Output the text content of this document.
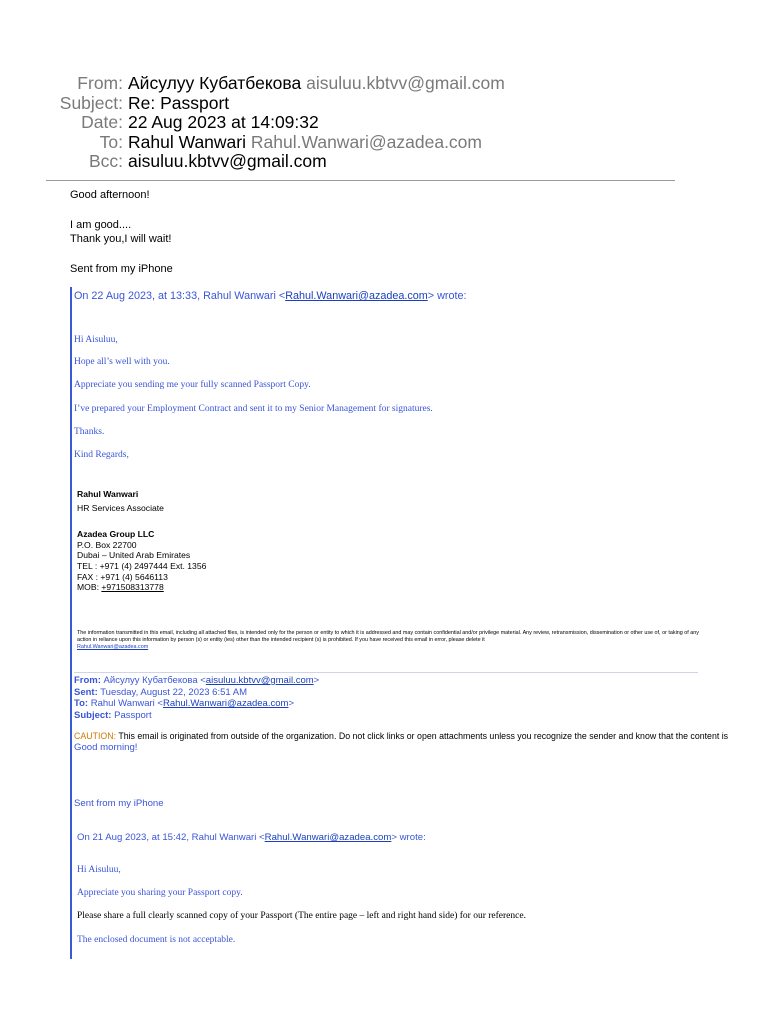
From: Айсулуу Кубатбекова aisuluu.kbtvv@gmail.com
Subject: Re: Passport
Date: 22 Aug 2023 at 14:09:32
To: Rahul Wanwari Rahul.Wanwari@azadea.com
Bcc: aisuluu.kbtvv@gmail.com
Good afternoon!
I am good....
Thank you,I will wait!
Sent from my iPhone
On 22 Aug 2023, at 13:33, Rahul Wanwari <Rahul.Wanwari@azadea.com> wrote:
Hi Aisuluu,
Hope all’s well with you.
Appreciate you sending me your fully scanned Passport Copy.
I’ve prepared your Employment Contract and sent it to my Senior Management for signatures.
Thanks.
Kind Regards,
Rahul Wanwari
HR Services Associate
Azadea Group LLC
P.O. Box 22700
Dubai – United Arab Emirates
TEL : +971 (4) 2497444 Ext. 1356
FAX : +971 (4) 5646113
MOB: +971508313778
The information transmitted in this email, including all attached files, is intended only for the person or entity to which it is addressed and may contain confidential and/or privilege material. Any review, retransmission, dissemination or other use of, or taking of any action in reliance upon this information by person (s) or entity (ies) other than the intended recipient (s) is prohibited. If you have received this email in error, please delete it
Rahul.Wanwari@azadea.com
From: Айсулуу Кубатбекова <aisuluu.kbtvv@gmail.com>
Sent: Tuesday, August 22, 2023 6:51 AM
To: Rahul Wanwari <Rahul.Wanwari@azadea.com>
Subject: Passport
CAUTION: This email is originated from outside of the organization. Do not click links or open attachments unless you recognize the sender and know that the content is
Good morning!
Sent from my iPhone
On 21 Aug 2023, at 15:42, Rahul Wanwari <Rahul.Wanwari@azadea.com> wrote:
Hi Aisuluu,
Appreciate you sharing your Passport copy.
Please share a full clearly scanned copy of your Passport (The entire page – left and right hand side) for our reference.
The enclosed document is not acceptable.
